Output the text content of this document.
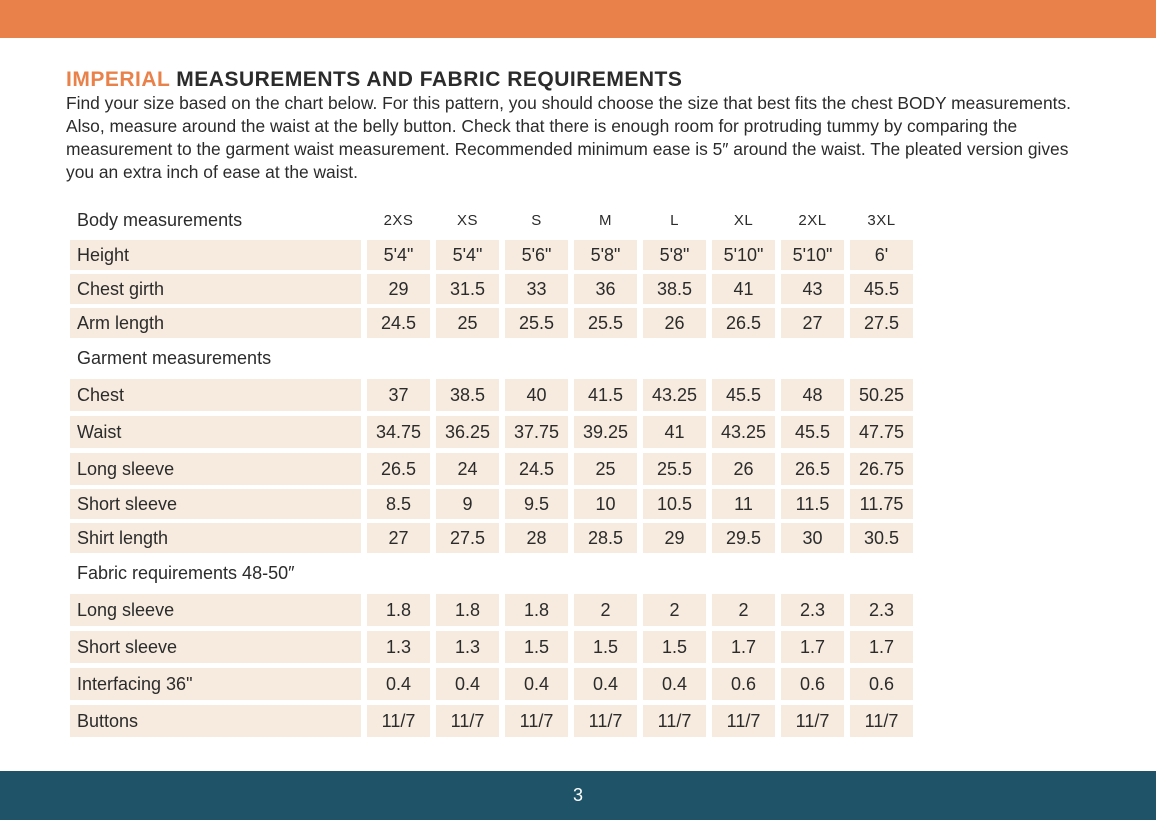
IMPERIAL MEASUREMENTS AND FABRIC REQUIREMENTS

Find your size based on the chart below. For this pattern, you should choose the size that best fits the chest BODY measurements. Also, measure around the waist at the belly button. Check that there is enough room for protruding tummy by comparing the measurement to the garment waist measurement. Recommended minimum ease is 5″ around the waist. The pleated version gives you an extra inch of ease at the waist.

Body measurements	2XS	XS	S	M	L	XL	2XL	3XL
Height	5'4"	5'4"	5'6"	5'8"	5'8"	5'10"	5'10"	6'
Chest girth	29	31.5	33	36	38.5	41	43	45.5
Arm length	24.5	25	25.5	25.5	26	26.5	27	27.5
Garment measurements
Chest	37	38.5	40	41.5	43.25	45.5	48	50.25
Waist	34.75	36.25	37.75	39.25	41	43.25	45.5	47.75
Long sleeve	26.5	24	24.5	25	25.5	26	26.5	26.75
Short sleeve	8.5	9	9.5	10	10.5	11	11.5	11.75
Shirt length	27	27.5	28	28.5	29	29.5	30	30.5
Fabric requirements 48-50″
Long sleeve	1.8	1.8	1.8	2	2	2	2.3	2.3
Short sleeve	1.3	1.3	1.5	1.5	1.5	1.7	1.7	1.7
Interfacing 36"	0.4	0.4	0.4	0.4	0.4	0.6	0.6	0.6
Buttons	11/7	11/7	11/7	11/7	11/7	11/7	11/7	11/7
3
